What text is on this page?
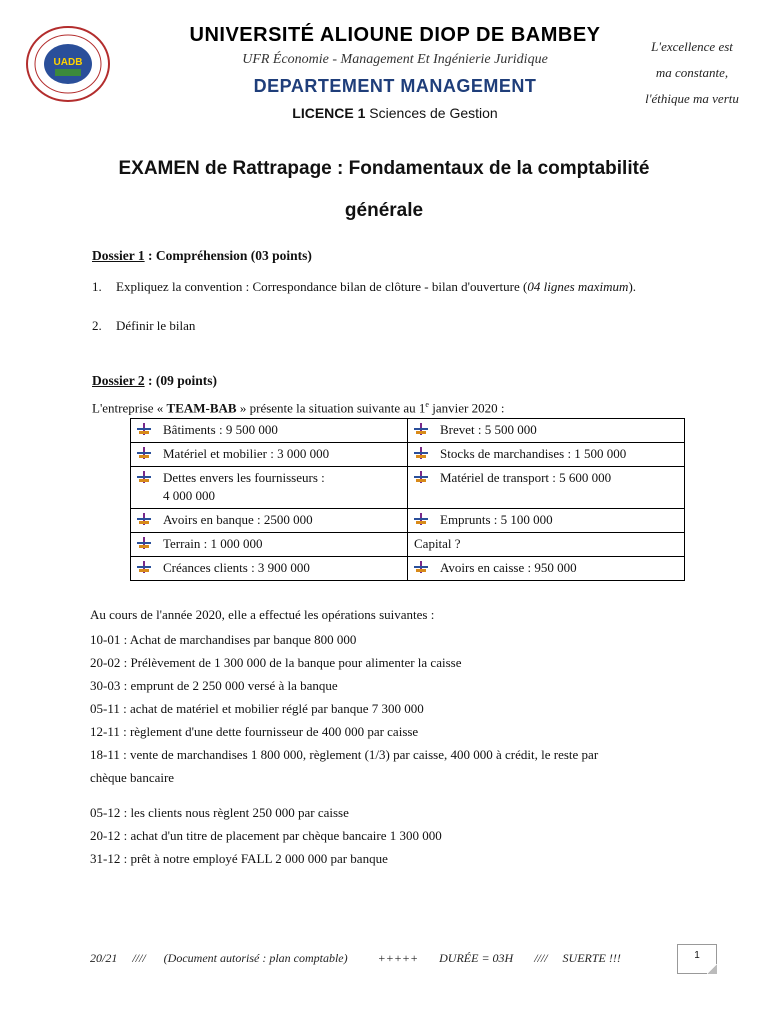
UADB
UNIVERSITÉ ALIOUNE DIOP DE BAMBEY
UFR Économie - Management Et Ingénierie Juridique
DEPARTEMENT MANAGEMENT
LICENCE 1 Sciences de Gestion
L'excellence est
ma constante,
l'éthique ma vertu
EXAMEN de Rattrapage : Fondamentaux de la comptabilité
générale
Dossier 1 : Compréhension (03 points)
1. Expliquez la convention : Correspondance bilan de clôture - bilan d'ouverture (04 lignes maximum).
2. Définir le bilan
Dossier 2 : (09 points)
L'entreprise « TEAM-BAB » présente la situation suivante au 1e janvier 2020 :
Bâtiments : 9 500 000	Brevet : 5 500 000

Matériel et mobilier : 3 000 000	Stocks de marchandises : 1 500 000

Dettes envers les fournisseurs :
4 000 000	Matériel de transport : 5 600 000

Avoirs en banque : 2500 000	Emprunts : 5 100 000

Terrain : 1 000 000	Capital ?

Créances clients : 3 900 000	Avoirs en caisse : 950 000
Au cours de l'année 2020, elle a effectué les opérations suivantes :
10-01 : Achat de marchandises par banque 800 000
20-02 : Prélèvement de 1 300 000 de la banque pour alimenter la caisse
30-03 : emprunt de 2 250 000 versé à la banque
05-11 : achat de matériel et mobilier réglé par banque 7 300 000
12-11 : règlement d'une dette fournisseur de 400 000 par caisse
18-11 : vente de marchandises 1 800 000, règlement (1/3) par caisse, 400 000 à crédit, le reste par
chèque bancaire
05-12 : les clients nous règlent 250 000 par caisse
20-12 : achat d'un titre de placement par chèque bancaire 1 300 000
31-12 : prêt à notre employé FALL 2 000 000 par banque
20/21     ////      (Document autorisé : plan comptable)          +++++       DURÉE = 03H       ////     SUERTE !!!	1
